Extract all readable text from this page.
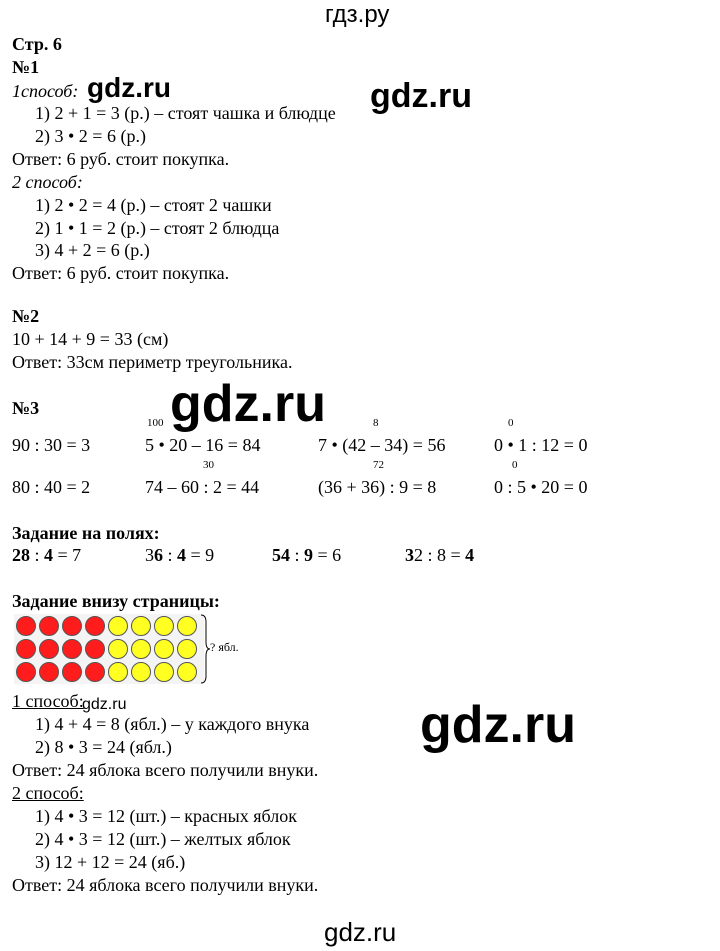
гдз.ру
Стр. 6
№1
1способ:
1) 2 + 1 = 3 (р.) – стоят чашка и блюдце
2) 3 • 2 = 6 (р.)
Ответ: 6 руб. стоит покупка.
2 способ:
1) 2 • 2 = 4 (р.) – стоят 2 чашки
2) 1 • 1 = 2 (р.) – стоят 2 блюдца
3) 4 + 2 = 6 (р.)
Ответ: 6 руб. стоит покупка.
№2
10 + 14 + 9 = 33 (см)
Ответ: 33см периметр треугольника.
№3
100	8	0
90 : 30 = 3	5 • 20 – 16 = 84	7 • (42 – 34) = 56	0 • 1 : 12 = 0
30	72	0
80 : 40 = 2	74 – 60 : 2 = 44	(36 + 36) : 9 = 8	0 : 5 • 20 = 0
Задание на полях:
28 : 4 = 7	36 : 4 = 9	54 : 9 = 6	32 : 8 = 4
Задание внизу страницы:
? ябл.
1 способ:
1) 4 + 4 = 8 (ябл.) – у каждого внука
2) 8 • 3 = 24 (ябл.)
Ответ: 24 яблока всего получили внуки.
2 способ:
1) 4 • 3 = 12 (шт.) – красных яблок
2) 4 • 3 = 12 (шт.) – желтых яблок
3) 12 + 12 = 24 (яб.)
Ответ: 24 яблока всего получили внуки.
gdz.ru	gdz.ru
gdz.ru
gdz.ru	gdz.ru
gdz.ru
